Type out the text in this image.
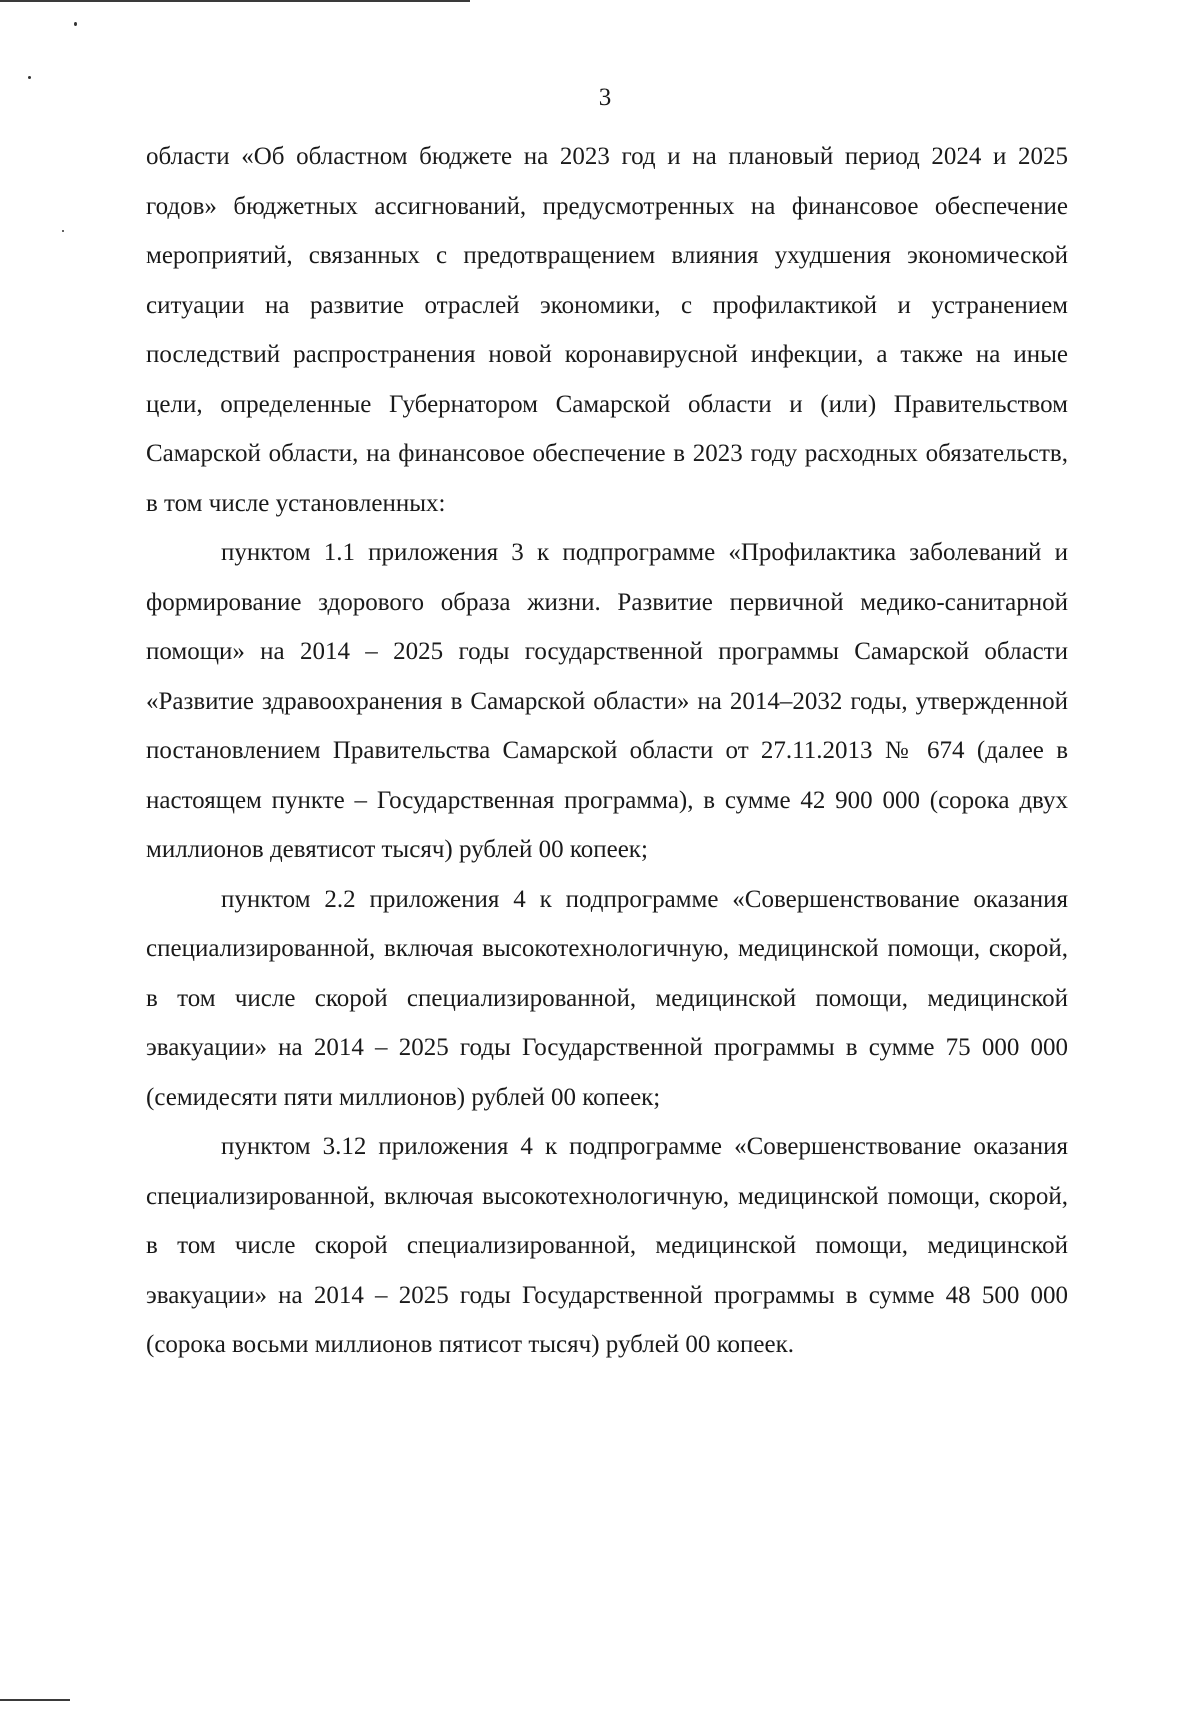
3

области «Об областном бюджете на 2023 год и на плановый период 2024 и 2025 годов» бюджетных ассигнований, предусмотренных на финансовое обеспечение мероприятий, связанных с предотвращением влияния ухудшения экономической ситуации на развитие отраслей экономики, с профилактикой и устранением последствий распространения новой коронавирусной инфекции, а также на иные цели, определенные Губернатором Самарской области и (или) Правительством Самарской области, на финансовое обеспечение в 2023 году расходных обязательств, в том числе установленных:

пунктом 1.1 приложения 3 к подпрограмме «Профилактика заболеваний и формирование здорового образа жизни. Развитие первичной медико-санитарной помощи» на 2014 – 2025 годы государственной программы Самарской области «Развитие здравоохранения в Самарской области» на 2014–2032 годы, утвержденной постановлением Правительства Самарской области от 27.11.2013 № 674 (далее в настоящем пункте – Государственная программа), в сумме 42 900 000 (сорока двух миллионов девятисот тысяч) рублей 00 копеек;

пунктом 2.2 приложения 4 к подпрограмме «Совершенствование оказания специализированной, включая высокотехнологичную, медицинской помощи, скорой, в том числе скорой специализированной, медицинской помощи, медицинской эвакуации» на 2014 – 2025 годы Государственной программы в сумме 75 000 000 (семидесяти пяти миллионов) рублей 00 копеек;

пунктом 3.12 приложения 4 к подпрограмме «Совершенствование оказания специализированной, включая высокотехнологичную, медицинской помощи, скорой, в том числе скорой специализированной, медицинской помощи, медицинской эвакуации» на 2014 – 2025 годы Государственной программы в сумме 48 500 000 (сорока восьми миллионов пятисот тысяч) рублей 00 копеек.
